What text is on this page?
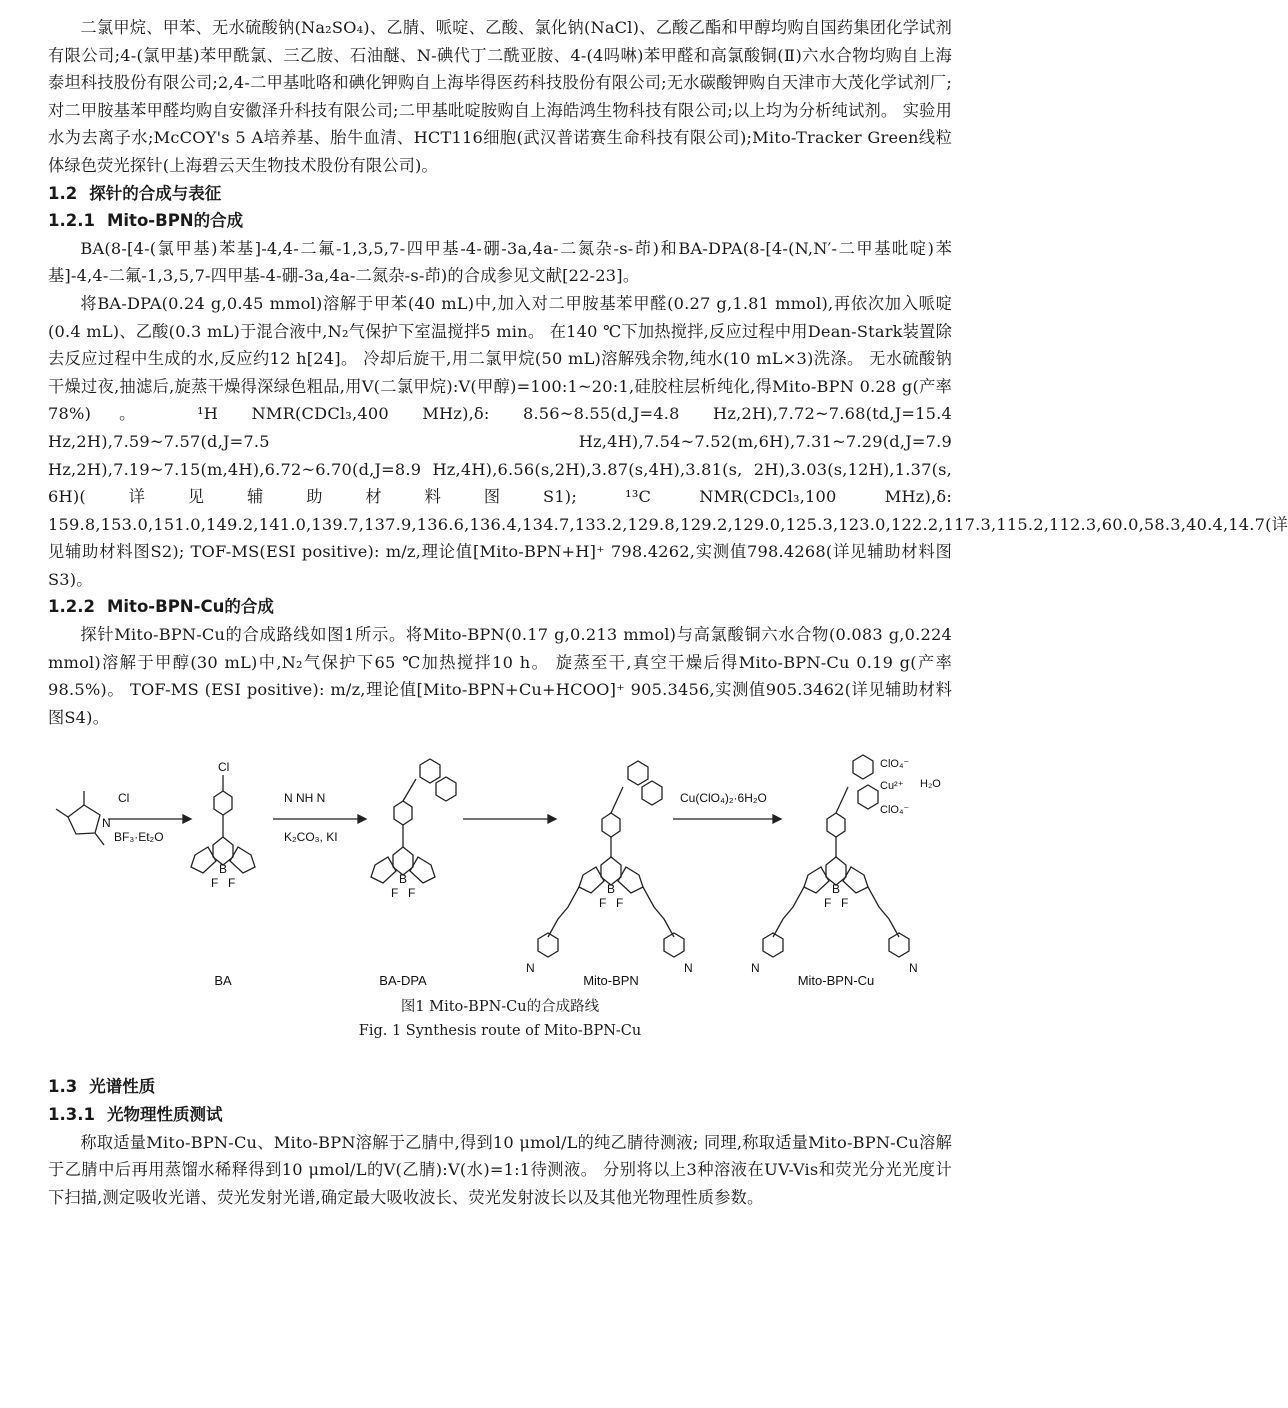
二氯甲烷、甲苯、无水硫酸钠(Na₂SO₄)、乙腈、哌啶、乙酸、氯化钠(NaCl)、乙酸乙酯和甲醇均购自国药集团化学试剂有限公司;4-(氯甲基)苯甲酰氯、三乙胺、石油醚、N-碘代丁二酰亚胺、4-(4吗啉)苯甲醛和高氯酸铜(Ⅱ)六水合物均购自上海泰坦科技股份有限公司;2,4-二甲基吡咯和碘化钾购自上海毕得医药科技股份有限公司;无水碳酸钾购自天津市大茂化学试剂厂;对二甲胺基苯甲醛均购自安徽泽升科技有限公司;二甲基吡啶胺购自上海皓鸿生物科技有限公司;以上均为分析纯试剂。 实验用水为去离子水;McCOY's 5 A培养基、胎牛血清、HCT116细胞(武汉普诺赛生命科技有限公司);Mito-Tracker Green线粒体绿色荧光探针(上海碧云天生物技术股份有限公司)。

1.2 探针的合成与表征
1.2.1 Mito-BPN的合成

BA(8-[4-(氯甲基)苯基]-4,4-二氟-1,3,5,7-四甲基-4-硼-3a,4a-二氮杂-s-茚)和BA-DPA(8-[4-(N,N′-二甲基吡啶)苯基]-4,4-二氟-1,3,5,7-四甲基-4-硼-3a,4a-二氮杂-s-茚)的合成参见文献[22-23]。

将BA-DPA(0.24 g,0.45 mmol)溶解于甲苯(40 mL)中,加入对二甲胺基苯甲醛(0.27 g,1.81 mmol),再依次加入哌啶(0.4 mL)、乙酸(0.3 mL)于混合液中,N₂气保护下室温搅拌5 min。 在140 ℃下加热搅拌,反应过程中用Dean-Stark装置除去反应过程中生成的水,反应约12 h[24]。 冷却后旋干,用二氯甲烷(50 mL)溶解残余物,纯水(10 mL×3)洗涤。 无水硫酸钠干燥过夜,抽滤后,旋蒸干燥得深绿色粗品,用V(二氯甲烷):V(甲醇)=100:1~20:1,硅胶柱层析纯化,得Mito-BPN 0.28 g(产率78%)。 ¹H NMR(CDCl₃,400 MHz),δ: 8.56~8.55(d,J=4.8 Hz,2H),7.72~7.68(td,J=15.4 Hz,2H),7.59~7.57(d,J=7.5 Hz,4H),7.54~7.52(m,6H),7.31~7.29(d,J=7.9 Hz,2H),7.19~7.15(m,4H),6.72~6.70(d,J=8.9 Hz,4H),6.56(s,2H),3.87(s,4H),3.81(s, 2H),3.03(s,12H),1.37(s, 6H)(详见辅助材料图S1); ¹³C NMR(CDCl₃,100 MHz),δ: 159.8,153.0,151.0,149.2,141.0,139.7,137.9,136.6,136.4,134.7,133.2,129.8,129.2,129.0,125.3,123.0,122.2,117.3,115.2,112.3,60.0,58.3,40.4,14.7(详见辅助材料图S2); TOF-MS(ESI positive): m/z,理论值[Mito-BPN+H]⁺ 798.4262,实测值798.4268(详见辅助材料图S3)。

1.2.2 Mito-BPN-Cu的合成

探针Mito-BPN-Cu的合成路线如图1所示。将Mito-BPN(0.17 g,0.213 mmol)与高氯酸铜六水合物(0.083 g,0.224 mmol)溶解于甲醇(30 mL)中,N₂气保护下65 ℃加热搅拌10 h。 旋蒸至干,真空干燥后得Mito-BPN-Cu 0.19 g(产率98.5%)。 TOF-MS (ESI positive): m/z,理论值[Mito-BPN+Cu+HCOO]⁺ 905.3456,实测值905.3462(详见辅助材料图S4)。

N
Cl
BF₃·Et₂O
Cl
B
F F
N NH N
K₂CO₃, KI
B
F F	B
F F
N	N
Cu(ClO₄)₂·6H₂O
ClO₄⁻
Cu²⁺ H₂O
ClO₄⁻
B
F F
N	N
BA	BA-DPA	Mito-BPN	Mito-BPN-Cu
图1 Mito-BPN-Cu的合成路线
Fig. 1 Synthesis route of Mito-BPN-Cu
1.3 光谱性质
1.3.1 光物理性质测试

称取适量Mito-BPN-Cu、Mito-BPN溶解于乙腈中,得到10 μmol/L的纯乙腈待测液; 同理,称取适量Mito-BPN-Cu溶解于乙腈中后再用蒸馏水稀释得到10 μmol/L的V(乙腈):V(水)=1:1待测液。 分别将以上3种溶液在UV-Vis和荧光分光光度计下扫描,测定吸收光谱、荧光发射光谱,确定最大吸收波长、荧光发射波长以及其他光物理性质参数。
